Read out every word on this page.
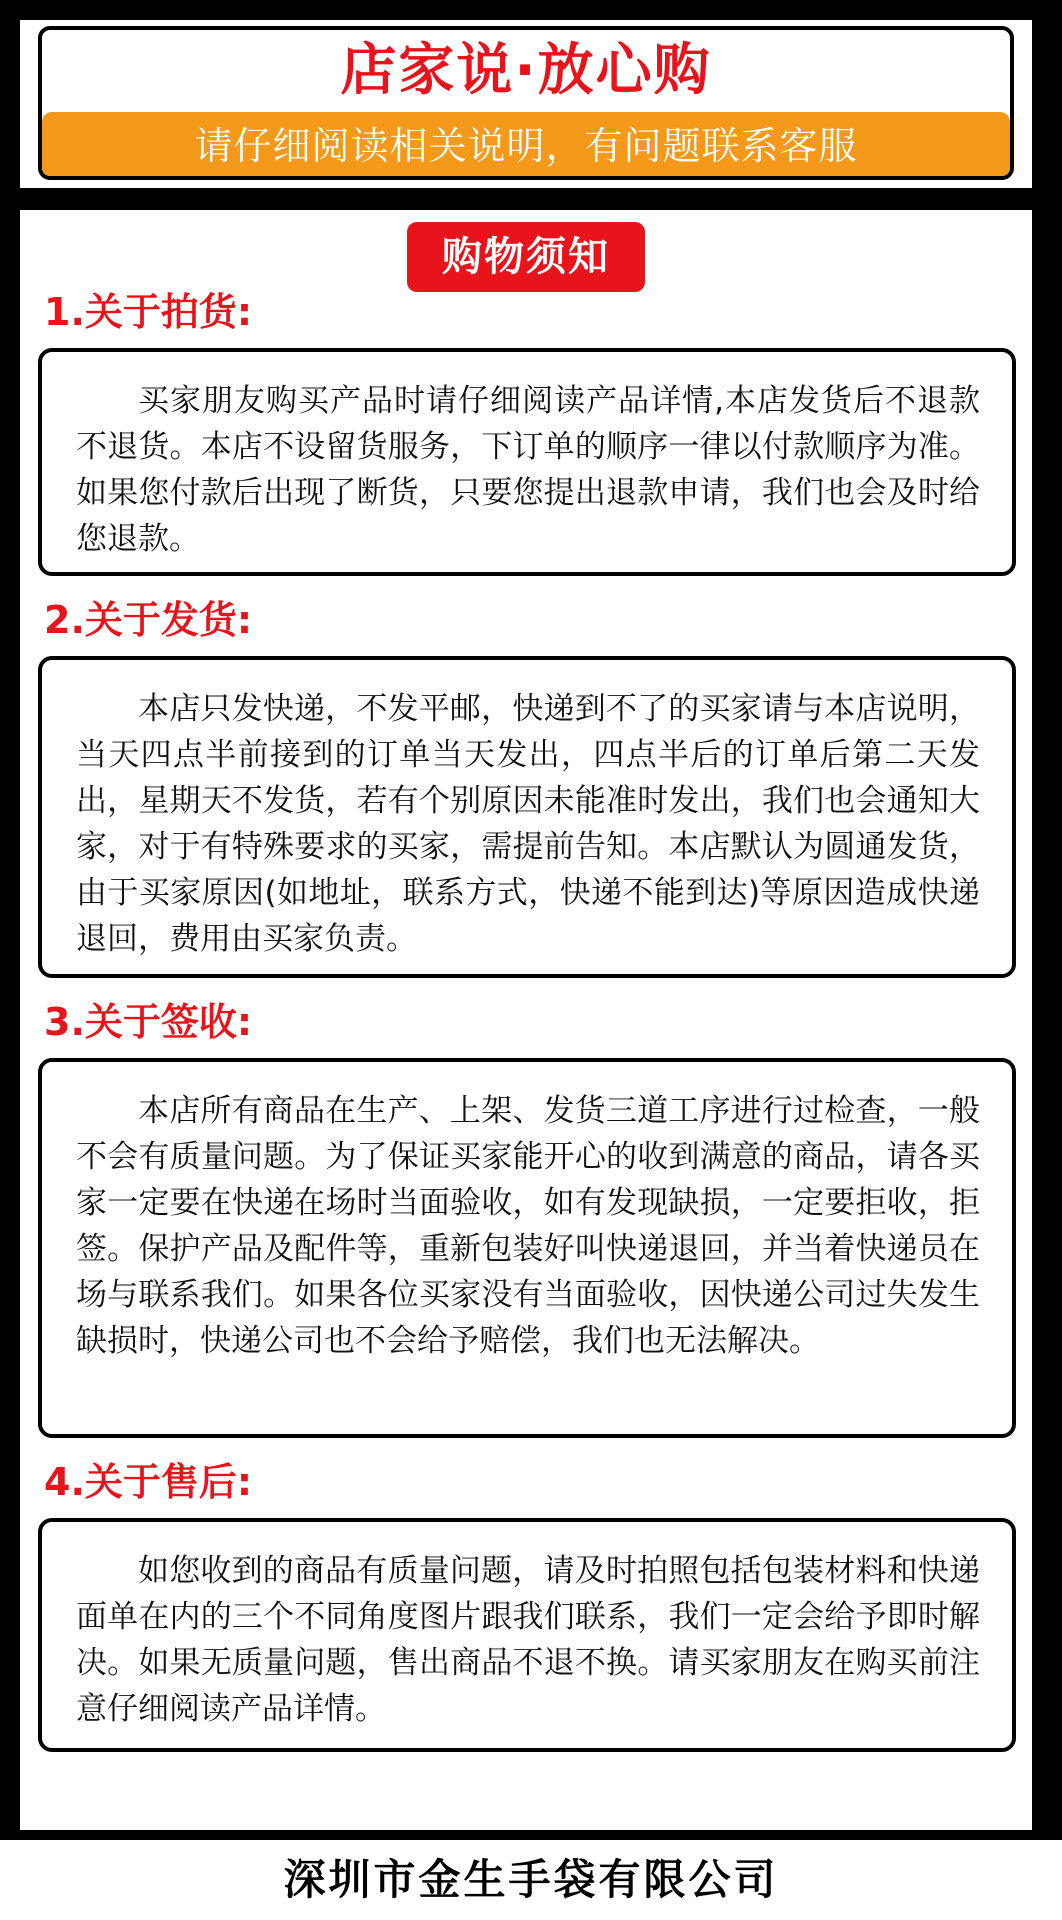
店家说·放心购
请仔细阅读相关说明，有问题联系客服
购物须知
1.关于拍货:
买家朋友购买产品时请仔细阅读产品详情,本店发货后不退款不退货。本店不设留货服务，下订单的顺序一律以付款顺序为准。如果您付款后出现了断货，只要您提出退款申请，我们也会及时给您退款。
2.关于发货:
本店只发快递，不发平邮，快递到不了的买家请与本店说明，当天四点半前接到的订单当天发出，四点半后的订单后第二天发出，星期天不发货，若有个别原因未能准时发出，我们也会通知大家，对于有特殊要求的买家，需提前告知。本店默认为圆通发货，由于买家原因(如地址，联系方式，快递不能到达)等原因造成快递退回，费用由买家负责。
3.关于签收:
本店所有商品在生产、上架、发货三道工序进行过检查，一般不会有质量问题。为了保证买家能开心的收到满意的商品，请各买家一定要在快递在场时当面验收，如有发现缺损，一定要拒收，拒签。保护产品及配件等，重新包装好叫快递退回，并当着快递员在场与联系我们。如果各位买家没有当面验收，因快递公司过失发生缺损时，快递公司也不会给予赔偿，我们也无法解决。
4.关于售后:
如您收到的商品有质量问题，请及时拍照包括包装材料和快递面单在内的三个不同角度图片跟我们联系，我们一定会给予即时解决。如果无质量问题，售出商品不退不换。请买家朋友在购买前注意仔细阅读产品详情。
深圳市金生手袋有限公司
